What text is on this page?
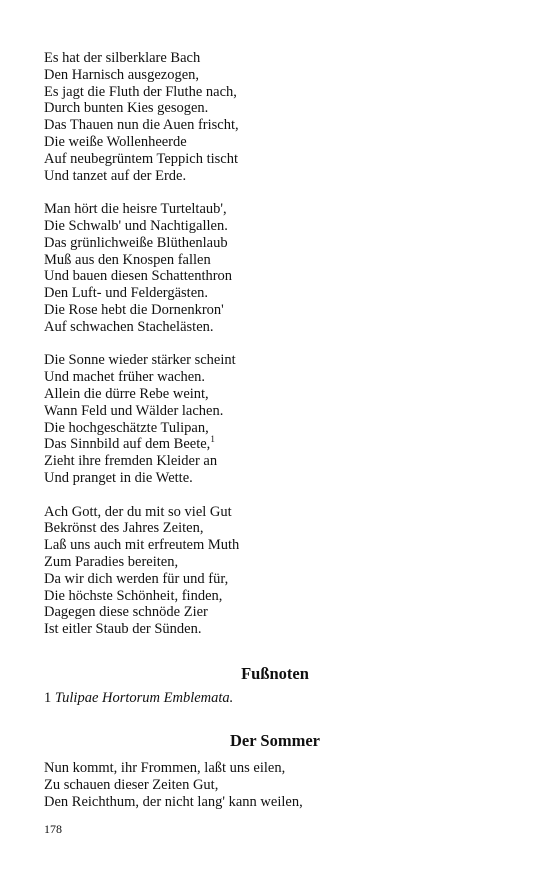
Es hat der silberklare Bach
Den Harnisch ausgezogen,
Es jagt die Fluth der Fluthe nach,
Durch bunten Kies gesogen.
Das Thauen nun die Auen frischt,
Die weiße Wollenheerde
Auf neubegrüntem Teppich tischt
Und tanzet auf der Erde.
Man hört die heisre Turteltaub',
Die Schwalb' und Nachtigallen.
Das grünlichweiße Blüthenlaub
Muß aus den Knospen fallen
Und bauen diesen Schattenthron
Den Luft- und Feldergästen.
Die Rose hebt die Dornenkron'
Auf schwachen Stachelästen.
Die Sonne wieder stärker scheint
Und machet früher wachen.
Allein die dürre Rebe weint,
Wann Feld und Wälder lachen.
Die hochgeschätzte Tulipan,
Das Sinnbild auf dem Beete,$^1$
Zieht ihre fremden Kleider an
Und pranget in die Wette.
Ach Gott, der du mit so viel Gut
Bekrönst des Jahres Zeiten,
Laß uns auch mit erfreutem Muth
Zum Paradies bereiten,
Da wir dich werden für und für,
Die höchste Schönheit, finden,
Dagegen diese schnöde Zier
Ist eitler Staub der Sünden.
Fußnoten
1 Tulipae Hortorum Emblemata.
Der Sommer
Nun kommt, ihr Frommen, laßt uns eilen,
Zu schauen dieser Zeiten Gut,
Den Reichthum, der nicht lang' kann weilen,
178
